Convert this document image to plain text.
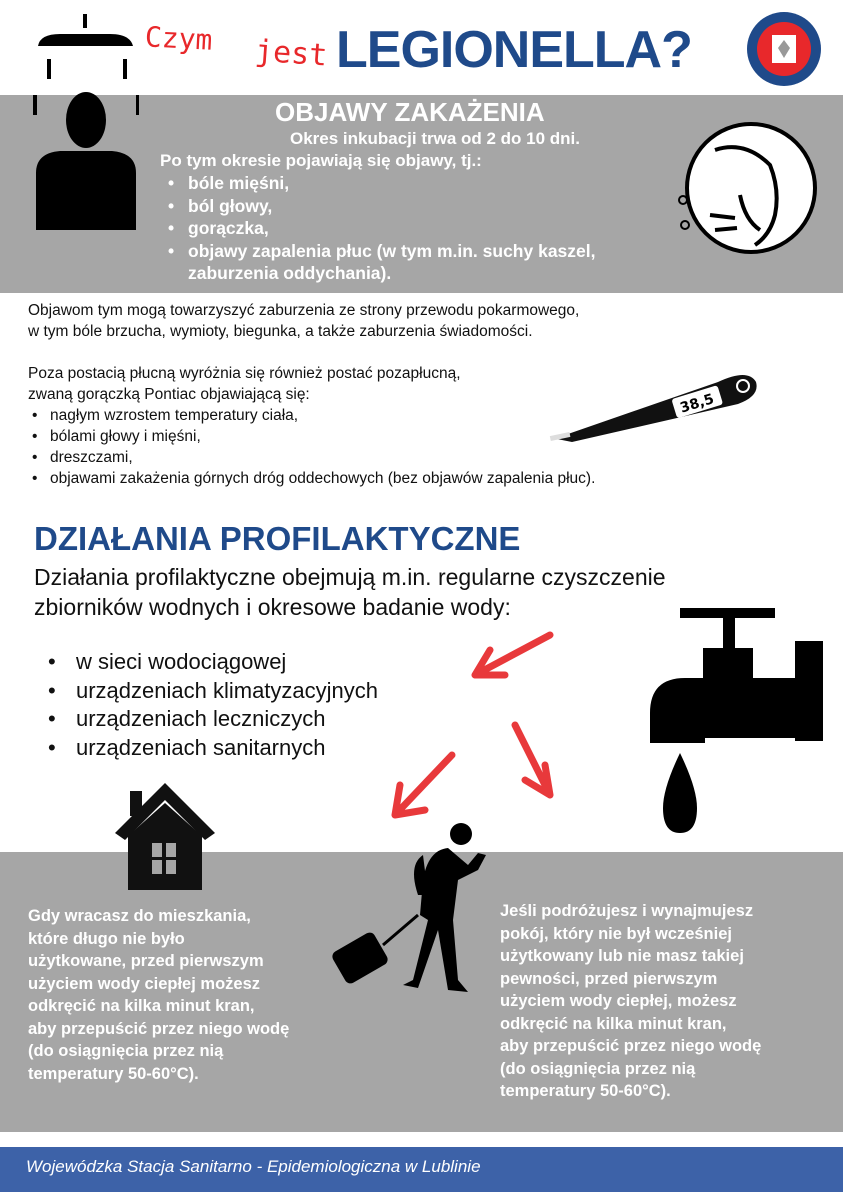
Czym jest LEGIONELLA?
OBJAWY ZAKAŻENIA

Okres inkubacji trwa od 2 do 10 dni.

Po tym okresie pojawiają się objawy, tj.:

• bóle mięśni,
• ból głowy,
• gorączka,
• objawy zapalenia płuc (w tym m.in. suchy kaszel, zaburzenia oddychania).
Objawom tym mogą towarzyszyć zaburzenia ze strony przewodu pokarmowego,
w tym bóle brzucha, wymioty, biegunka, a także zaburzenia świadomości.
Poza postacią płucną wyróżnia się również postać pozapłucną,
zwaną gorączką Pontiac objawiającą się:
• nagłym wzrostem temperatury ciała,
• bólami głowy i mięśni,
• dreszczami,
• objawami zakażenia górnych dróg oddechowych (bez objawów zapalenia płuc).
38,5
DZIAŁANIA PROFILAKTYCZNE
Działania profilaktyczne obejmują m.in. regularne czyszczenie
zbiorników wodnych i okresowe badanie wody:
• w sieci wodociągowej
• urządzeniach klimatyzacyjnych
• urządzeniach leczniczych
• urządzeniach sanitarnych
Gdy wracasz do mieszkania,
które długo nie było
użytkowane, przed pierwszym
użyciem wody ciepłej możesz
odkręcić na kilka minut kran,
aby przepuścić przez niego wodę
(do osiągnięcia przez nią
temperatury 50-60°C).
Jeśli podróżujesz i wynajmujesz
pokój, który nie był wcześniej
użytkowany lub nie masz takiej
pewności, przed pierwszym
użyciem wody ciepłej, możesz
odkręcić na kilka minut kran,
aby przepuścić przez niego wodę
(do osiągnięcia przez nią
temperatury 50-60°C).
Wojewódzka Stacja Sanitarno - Epidemiologiczna w Lublinie
